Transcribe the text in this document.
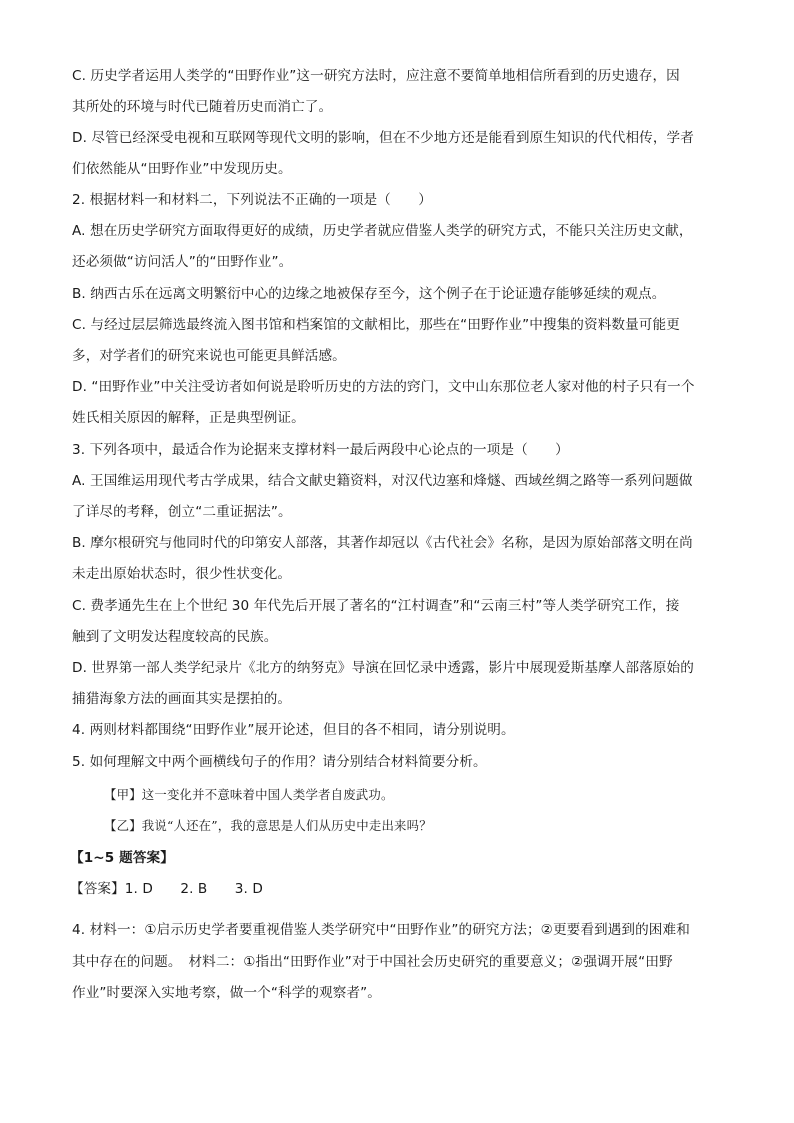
C. 历史学者运用人类学的“田野作业”这一研究方法时，应注意不要简单地相信所看到的历史遗存，因
其所处的环境与时代已随着历史而消亡了。
D. 尽管已经深受电视和互联网等现代文明的影响，但在不少地方还是能看到原生知识的代代相传，学者
们依然能从“田野作业”中发现历史。
2. 根据材料一和材料二，下列说法不正确的一项是（　　）
A. 想在历史学研究方面取得更好的成绩，历史学者就应借鉴人类学的研究方式，不能只关注历史文献，
还必须做“访问活人”的“田野作业”。
B. 纳西古乐在远离文明繁衍中心的边缘之地被保存至今，这个例子在于论证遗存能够延续的观点。
C. 与经过层层筛选最终流入图书馆和档案馆的文献相比，那些在“田野作业”中搜集的资料数量可能更
多，对学者们的研究来说也可能更具鲜活感。
D. “田野作业”中关注受访者如何说是聆听历史的方法的窍门，文中山东那位老人家对他的村子只有一个
姓氏相关原因的解释，正是典型例证。
3. 下列各项中，最适合作为论据来支撑材料一最后两段中心论点的一项是（　　）
A. 王国维运用现代考古学成果，结合文献史籍资料，对汉代边塞和烽燧、西域丝绸之路等一系列问题做
了详尽的考释，创立“二重证据法”。
B. 摩尔根研究与他同时代的印第安人部落，其著作却冠以《古代社会》名称，是因为原始部落文明在尚
未走出原始状态时，很少性状变化。
C. 费孝通先生在上个世纪 30 年代先后开展了著名的“江村调查”和“云南三村”等人类学研究工作，接
触到了文明发达程度较高的民族。
D. 世界第一部人类学纪录片《北方的纳努克》导演在回忆录中透露，影片中展现爱斯基摩人部落原始的
捕猎海象方法的画面其实是摆拍的。
4. 两则材料都围绕“田野作业”展开论述，但目的各不相同，请分别说明。
5. 如何理解文中两个画横线句子的作用？请分别结合材料简要分析。
【甲】这一变化并不意味着中国人类学者自废武功。
【乙】我说“人还在”，我的意思是人们从历史中走出来吗？
【1~5 题答案】
【答案】1. D　　2. B　　3. D
4. 材料一：①启示历史学者要重视借鉴人类学研究中“田野作业”的研究方法；②更要看到遇到的困难和
其中存在的问题。　材料二：①指出“田野作业”对于中国社会历史研究的重要意义；②强调开展“田野
作业”时要深入实地考察，做一个“科学的观察者”。
